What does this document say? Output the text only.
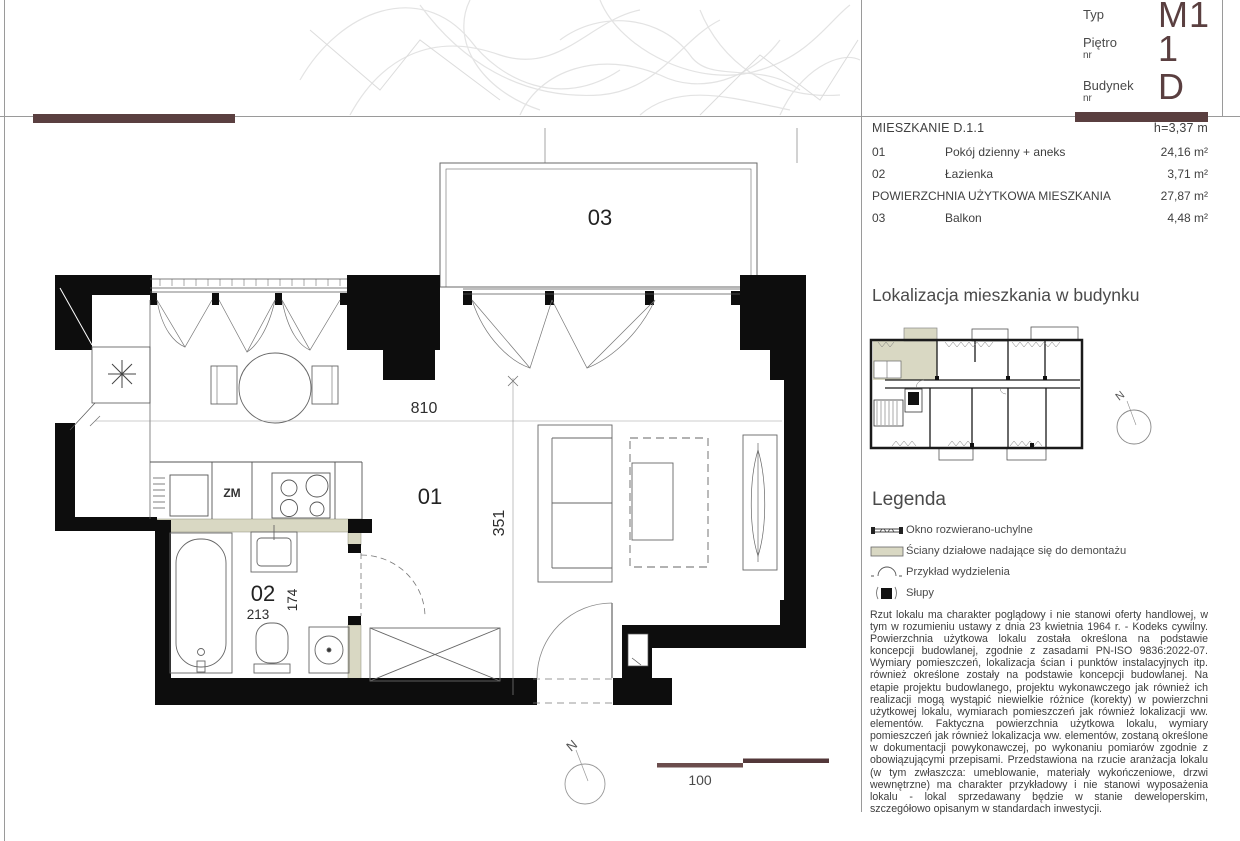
ZM
810
351
213
174
01
02
03
N
100
Typ
Piętro
nr
Budynek
nr
M1
1
D
MIESZKANIE D.1.1	h=3,37 m
01	Pokój dzienny + aneks	24,16 m²
02	Łazienka	3,71 m²
POWIERZCHNIA UŻYTKOWA MIESZKANIA	27,87 m²
03	Balkon	4,48 m²
Lokalizacja mieszkania w budynku
N
Legenda
Okno rozwierano-uchylne
Ściany działowe nadające się do demontażu
Przykład wydzielenia
Słupy

Rzut lokalu ma charakter poglądowy i nie stanowi oferty handlowej, w tym w rozumieniu ustawy z dnia 23 kwietnia 1964 r. - Kodeks cywilny. Powierzchnia użytkowa lokalu została określona na podstawie koncepcji budowlanej, zgodnie z zasadami PN-ISO 9836:2022-07. Wymiary pomieszczeń, lokalizacja ścian i punktów instalacyjnych itp. również określone zostały na podstawie koncepcji budowlanej. Na etapie projektu budowlanego, projektu wykonawczego jak również ich realizacji mogą wystąpić niewielkie różnice (korekty) w powierzchni użytkowej lokalu, wymiarach pomieszczeń jak również lokalizacji ww. elementów. Faktyczna powierzchnia użytkowa lokalu, wymiary pomieszczeń jak również lokalizacja ww. elementów, zostaną określone w dokumentacji powykonawczej, po wykonaniu pomiarów zgodnie z obowiązującymi przepisami. Przedstawiona na rzucie aranżacja lokalu (w tym zwłaszcza: umeblowanie, materiały wykończeniowe, drzwi wewnętrzne) ma charakter przykładowy i nie stanowi wyposażenia lokalu - lokal sprzedawany będzie w stanie deweloperskim, szczegółowo opisanym w standardach inwestycji.
